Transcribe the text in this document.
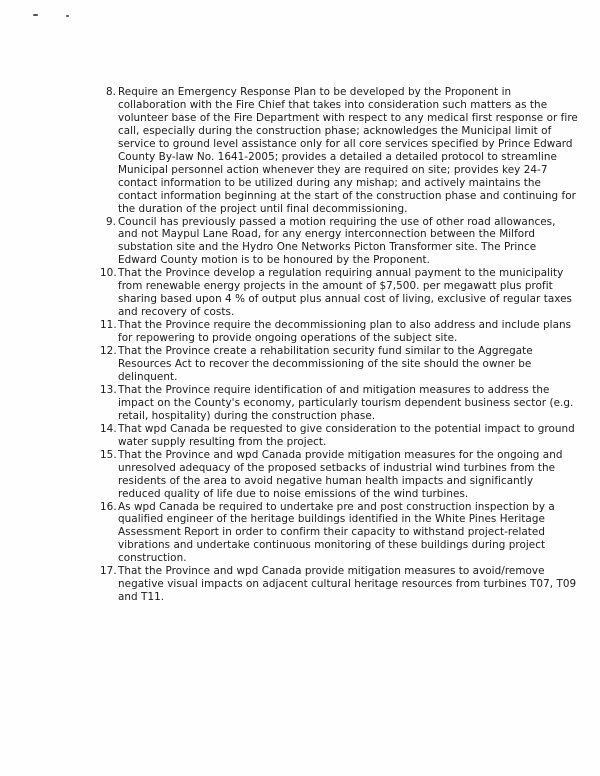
8. Require an Emergency Response Plan to be developed by the Proponent in collaboration with the Fire Chief that takes into consideration such matters as the volunteer base of the Fire Department with respect to any medical first response or fire call, especially during the construction phase; acknowledges the Municipal limit of service to ground level assistance only for all core services specified by Prince Edward County By-law No. 1641-2005; provides a detailed a detailed protocol to streamline Municipal personnel action whenever they are required on site; provides key 24-7 contact information to be utilized during any mishap; and actively maintains the contact information beginning at the start of the construction phase and continuing for the duration of the project until final decommissioning.
9. Council has previously passed a motion requiring the use of other road allowances, and not Maypul Lane Road, for any energy interconnection between the Milford substation site and the Hydro One Networks Picton Transformer site. The Prince Edward County motion is to be honoured by the Proponent.
10. That the Province develop a regulation requiring annual payment to the municipality from renewable energy projects in the amount of $7,500. per megawatt plus profit sharing based upon 4 % of output plus annual cost of living, exclusive of regular taxes and recovery of costs.
11. That the Province require the decommissioning plan to also address and include plans for repowering to provide ongoing operations of the subject site.
12. That the Province create a rehabilitation security fund similar to the Aggregate Resources Act to recover the decommissioning of the site should the owner be delinquent.
13. That the Province require identification of and mitigation measures to address the impact on the County's economy, particularly tourism dependent business sector (e.g. retail, hospitality) during the construction phase.
14. That wpd Canada be requested to give consideration to the potential impact to ground water supply resulting from the project.
15. That the Province and wpd Canada provide mitigation measures for the ongoing and unresolved adequacy of the proposed setbacks of industrial wind turbines from the residents of the area to avoid negative human health impacts and significantly reduced quality of life due to noise emissions of the wind turbines.
16. As wpd Canada be required to undertake pre and post construction inspection by a qualified engineer of the heritage buildings identified in the White Pines Heritage Assessment Report in order to confirm their capacity to withstand project-related vibrations and undertake continuous monitoring of these buildings during project construction.
17. That the Province and wpd Canada provide mitigation measures to avoid/remove negative visual impacts on adjacent cultural heritage resources from turbines T07, T09 and T11.
